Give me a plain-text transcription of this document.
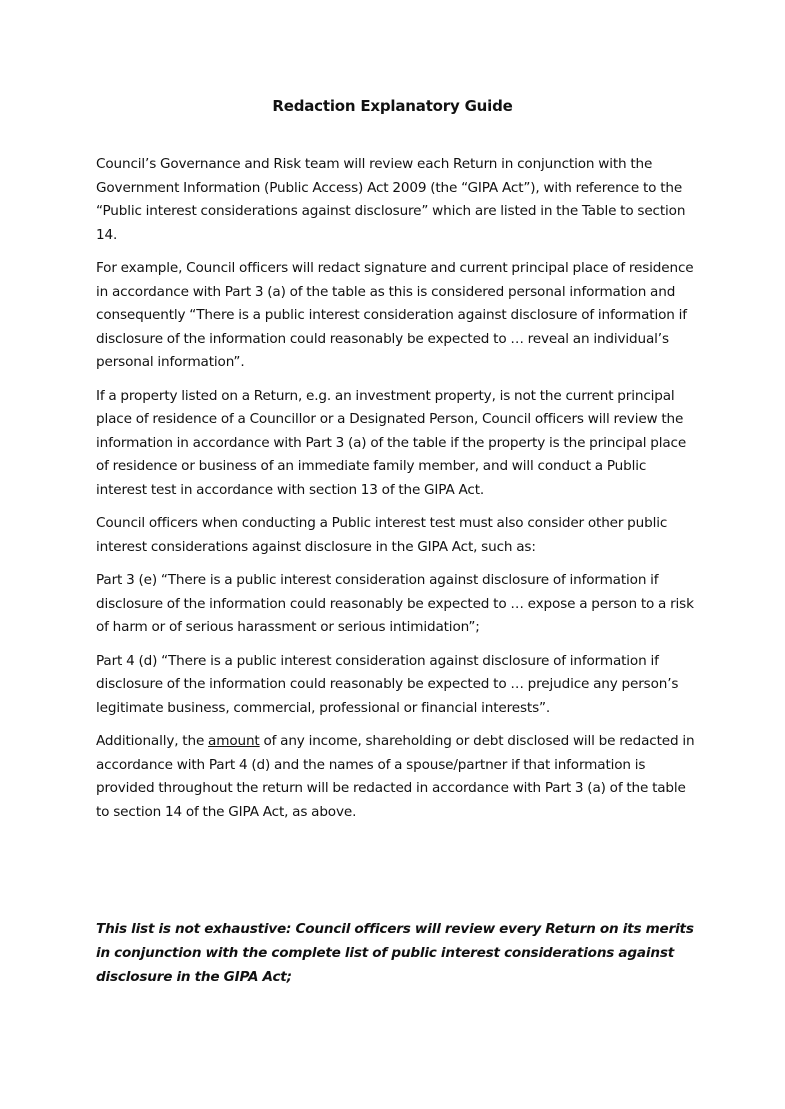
Redaction Explanatory Guide

Council’s Governance and Risk team will review each Return in conjunction with the Government Information (Public Access) Act 2009 (the “GIPA Act”), with reference to the “Public interest considerations against disclosure” which are listed in the Table to section 14.

For example, Council officers will redact signature and current principal place of residence in accordance with Part 3 (a) of the table as this is considered personal information and consequently “There is a public interest consideration against disclosure of information if disclosure of the information could reasonably be expected to … reveal an individual’s personal information”.

If a property listed on a Return, e.g. an investment property, is not the current principal place of residence of a Councillor or a Designated Person, Council officers will review the information in accordance with Part 3 (a) of the table if the property is the principal place of residence or business of an immediate family member, and will conduct a Public interest test in accordance with section 13 of the GIPA Act.

Council officers when conducting a Public interest test must also consider other public interest considerations against disclosure in the GIPA Act, such as:

Part 3 (e) “There is a public interest consideration against disclosure of information if disclosure of the information could reasonably be expected to … expose a person to a risk of harm or of serious harassment or serious intimidation”;

Part 4 (d) “There is a public interest consideration against disclosure of information if disclosure of the information could reasonably be expected to … prejudice any person’s legitimate business, commercial, professional or financial interests”.

Additionally, the amount of any income, shareholding or debt disclosed will be redacted in accordance with Part 4 (d) and the names of a spouse/partner if that information is provided throughout the return will be redacted in accordance with Part 3 (a) of the table to section 14 of the GIPA Act, as above.

This list is not exhaustive: Council officers will review every Return on its merits in conjunction with the complete list of public interest considerations against disclosure in the GIPA Act;
